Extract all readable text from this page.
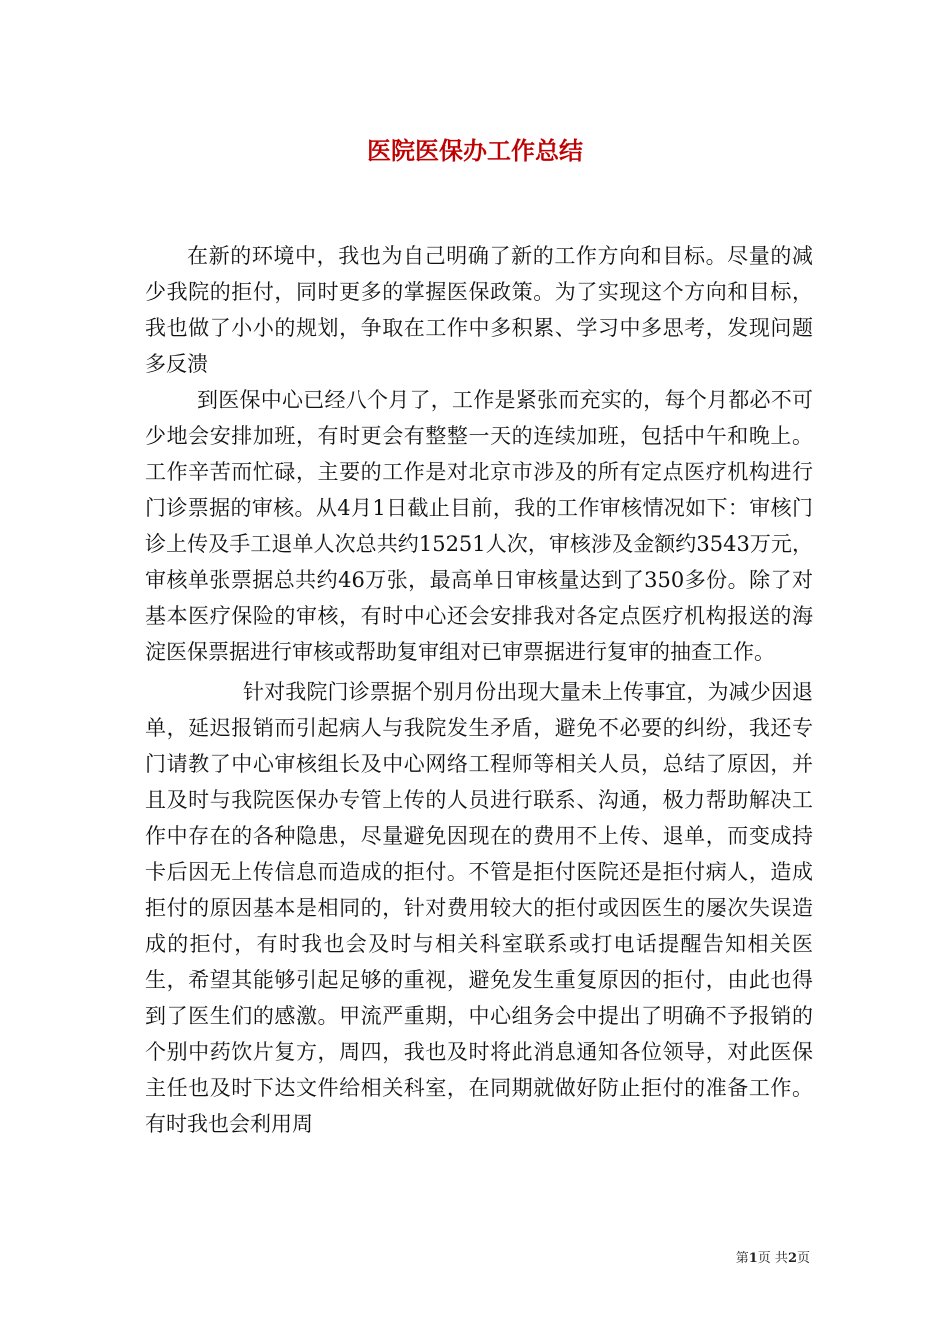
医院医保办工作总结

在新的环境中，我也为自己明确了新的工作方向和目标。尽量的减少我院的拒付，同时更多的掌握医保政策。为了实现这个方向和目标，我也做了小小的规划，争取在工作中多积累、学习中多思考，发现问题多反溃

到医保中心已经八个月了，工作是紧张而充实的，每个月都必不可少地会安排加班，有时更会有整整一天的连续加班，包括中午和晚上。工作辛苦而忙碌，主要的工作是对北京市涉及的所有定点医疗机构进行门诊票据的审核。从4月1日截止目前，我的工作审核情况如下：审核门诊上传及手工退单人次总共约15251人次，审核涉及金额约3543万元，审核单张票据总共约46万张，最高单日审核量达到了350多份。除了对基本医疗保险的审核，有时中心还会安排我对各定点医疗机构报送的海淀医保票据进行审核或帮助复审组对已审票据进行复审的抽查工作。

针对我院门诊票据个别月份出现大量未上传事宜，为减少因退单，延迟报销而引起病人与我院发生矛盾，避免不必要的纠纷，我还专门请教了中心审核组长及中心网络工程师等相关人员，总结了原因，并且及时与我院医保办专管上传的人员进行联系、沟通，极力帮助解决工作中存在的各种隐患，尽量避免因现在的费用不上传、退单，而变成持卡后因无上传信息而造成的拒付。不管是拒付医院还是拒付病人，造成拒付的原因基本是相同的，针对费用较大的拒付或因医生的屡次失误造成的拒付，有时我也会及时与相关科室联系或打电话提醒告知相关医生，希望其能够引起足够的重视，避免发生重复原因的拒付，由此也得到了医生们的感激。甲流严重期，中心组务会中提出了明确不予报销的个别中药饮片复方，周四，我也及时将此消息通知各位领导，对此医保主任也及时下达文件给相关科室，在同期就做好防止拒付的准备工作。有时我也会利用周

第1页 共2页
